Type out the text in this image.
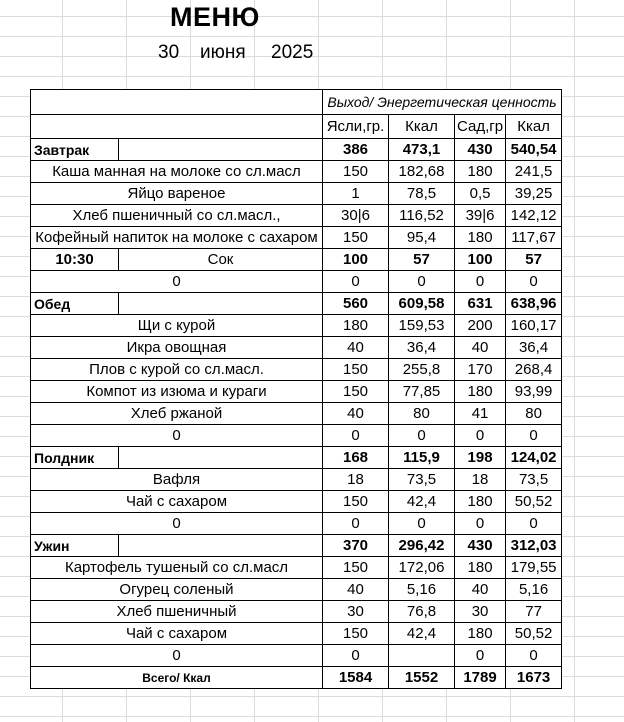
МЕНЮ
30 июня 2025
		Выход/ Энергетическая ценность			
		Ясли,гр.	Ккал	Сад,гр	Ккал
Завтрак		386	473,1	430	540,54
Каша манная на молоке со сл.масл		150	182,68	180	241,5
Яйцо вареное		1	78,5	0,5	39,25
Хлеб пшеничный со сл.масл.,		30|6	116,52	39|6	142,12
Кофейный напиток на молоке с сахаром		150	95,4	180	117,67
10:30	Сок	100	57	100	57
0		0	0	0	0
Обед		560	609,58	631	638,96
Щи с курой		180	159,53	200	160,17
Икра овощная		40	36,4	40	36,4
Плов с курой со сл.масл.		150	255,8	170	268,4
Компот из изюма и кураги		150	77,85	180	93,99
Хлеб ржаной		40	80	41	80
0		0	0	0	0
Полдник		168	115,9	198	124,02
Вафля		18	73,5	18	73,5
Чай с сахаром		150	42,4	180	50,52
0		0	0	0	0
Ужин		370	296,42	430	312,03
Картофель тушеный со сл.масл		150	172,06	180	179,55
Огурец соленый		40	5,16	40	5,16
Хлеб пшеничный		30	76,8	30	77
Чай с сахаром		150	42,4	180	50,52
0		0		0	0
Всего/ Ккал		1584	1552	1789	1673
